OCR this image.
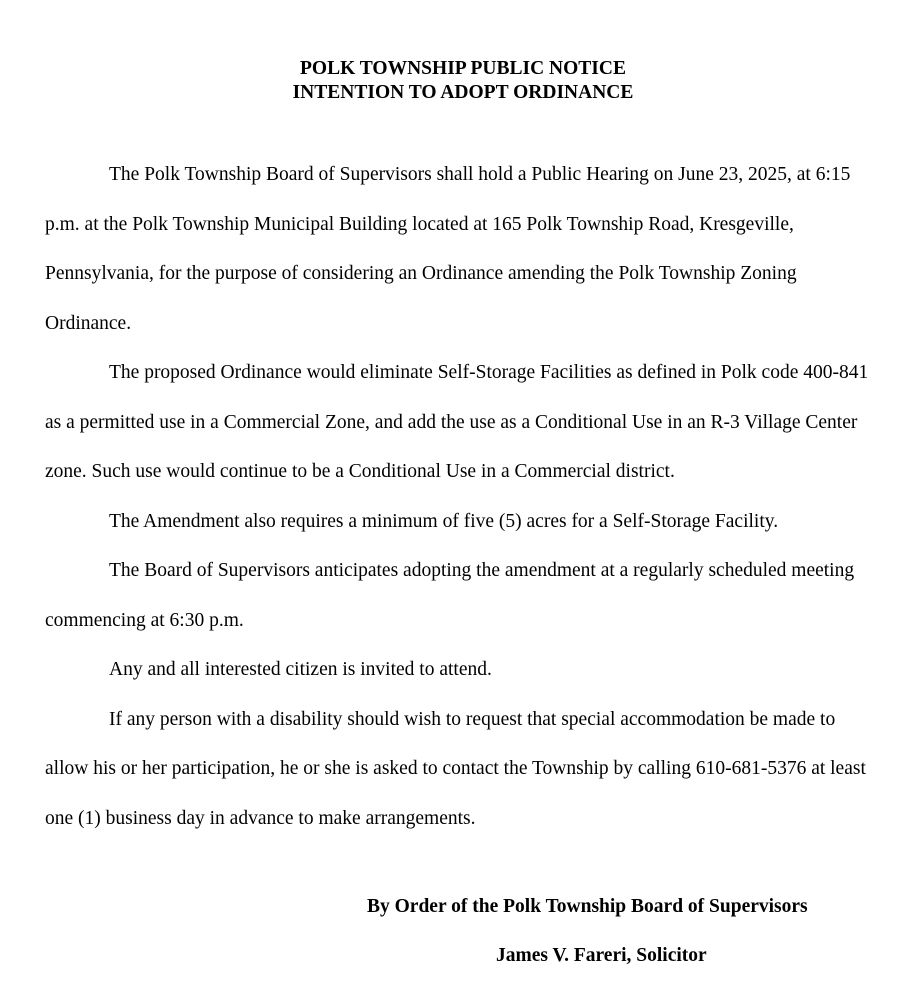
POLK TOWNSHIP PUBLIC NOTICE
INTENTION TO ADOPT ORDINANCE

The Polk Township Board of Supervisors shall hold a Public Hearing on June 23, 2025, at 6:15 p.m. at the Polk Township Municipal Building located at 165 Polk Township Road, Kresgeville, Pennsylvania, for the purpose of considering an Ordinance amending the Polk Township Zoning Ordinance.

The proposed Ordinance would eliminate Self-Storage Facilities as defined in Polk code 400-841 as a permitted use in a Commercial Zone, and add the use as a Conditional Use in an R-3 Village Center zone. Such use would continue to be a Conditional Use in a Commercial district.

The Amendment also requires a minimum of five (5) acres for a Self-Storage Facility.

The Board of Supervisors anticipates adopting the amendment at a regularly scheduled meeting commencing at 6:30 p.m.

Any and all interested citizen is invited to attend.

If any person with a disability should wish to request that special accommodation be made to allow his or her participation, he or she is asked to contact the Township by calling 610-681-5376 at least one (1) business day in advance to make arrangements.

By Order of the Polk Township Board of Supervisors
James V. Fareri, Solicitor
